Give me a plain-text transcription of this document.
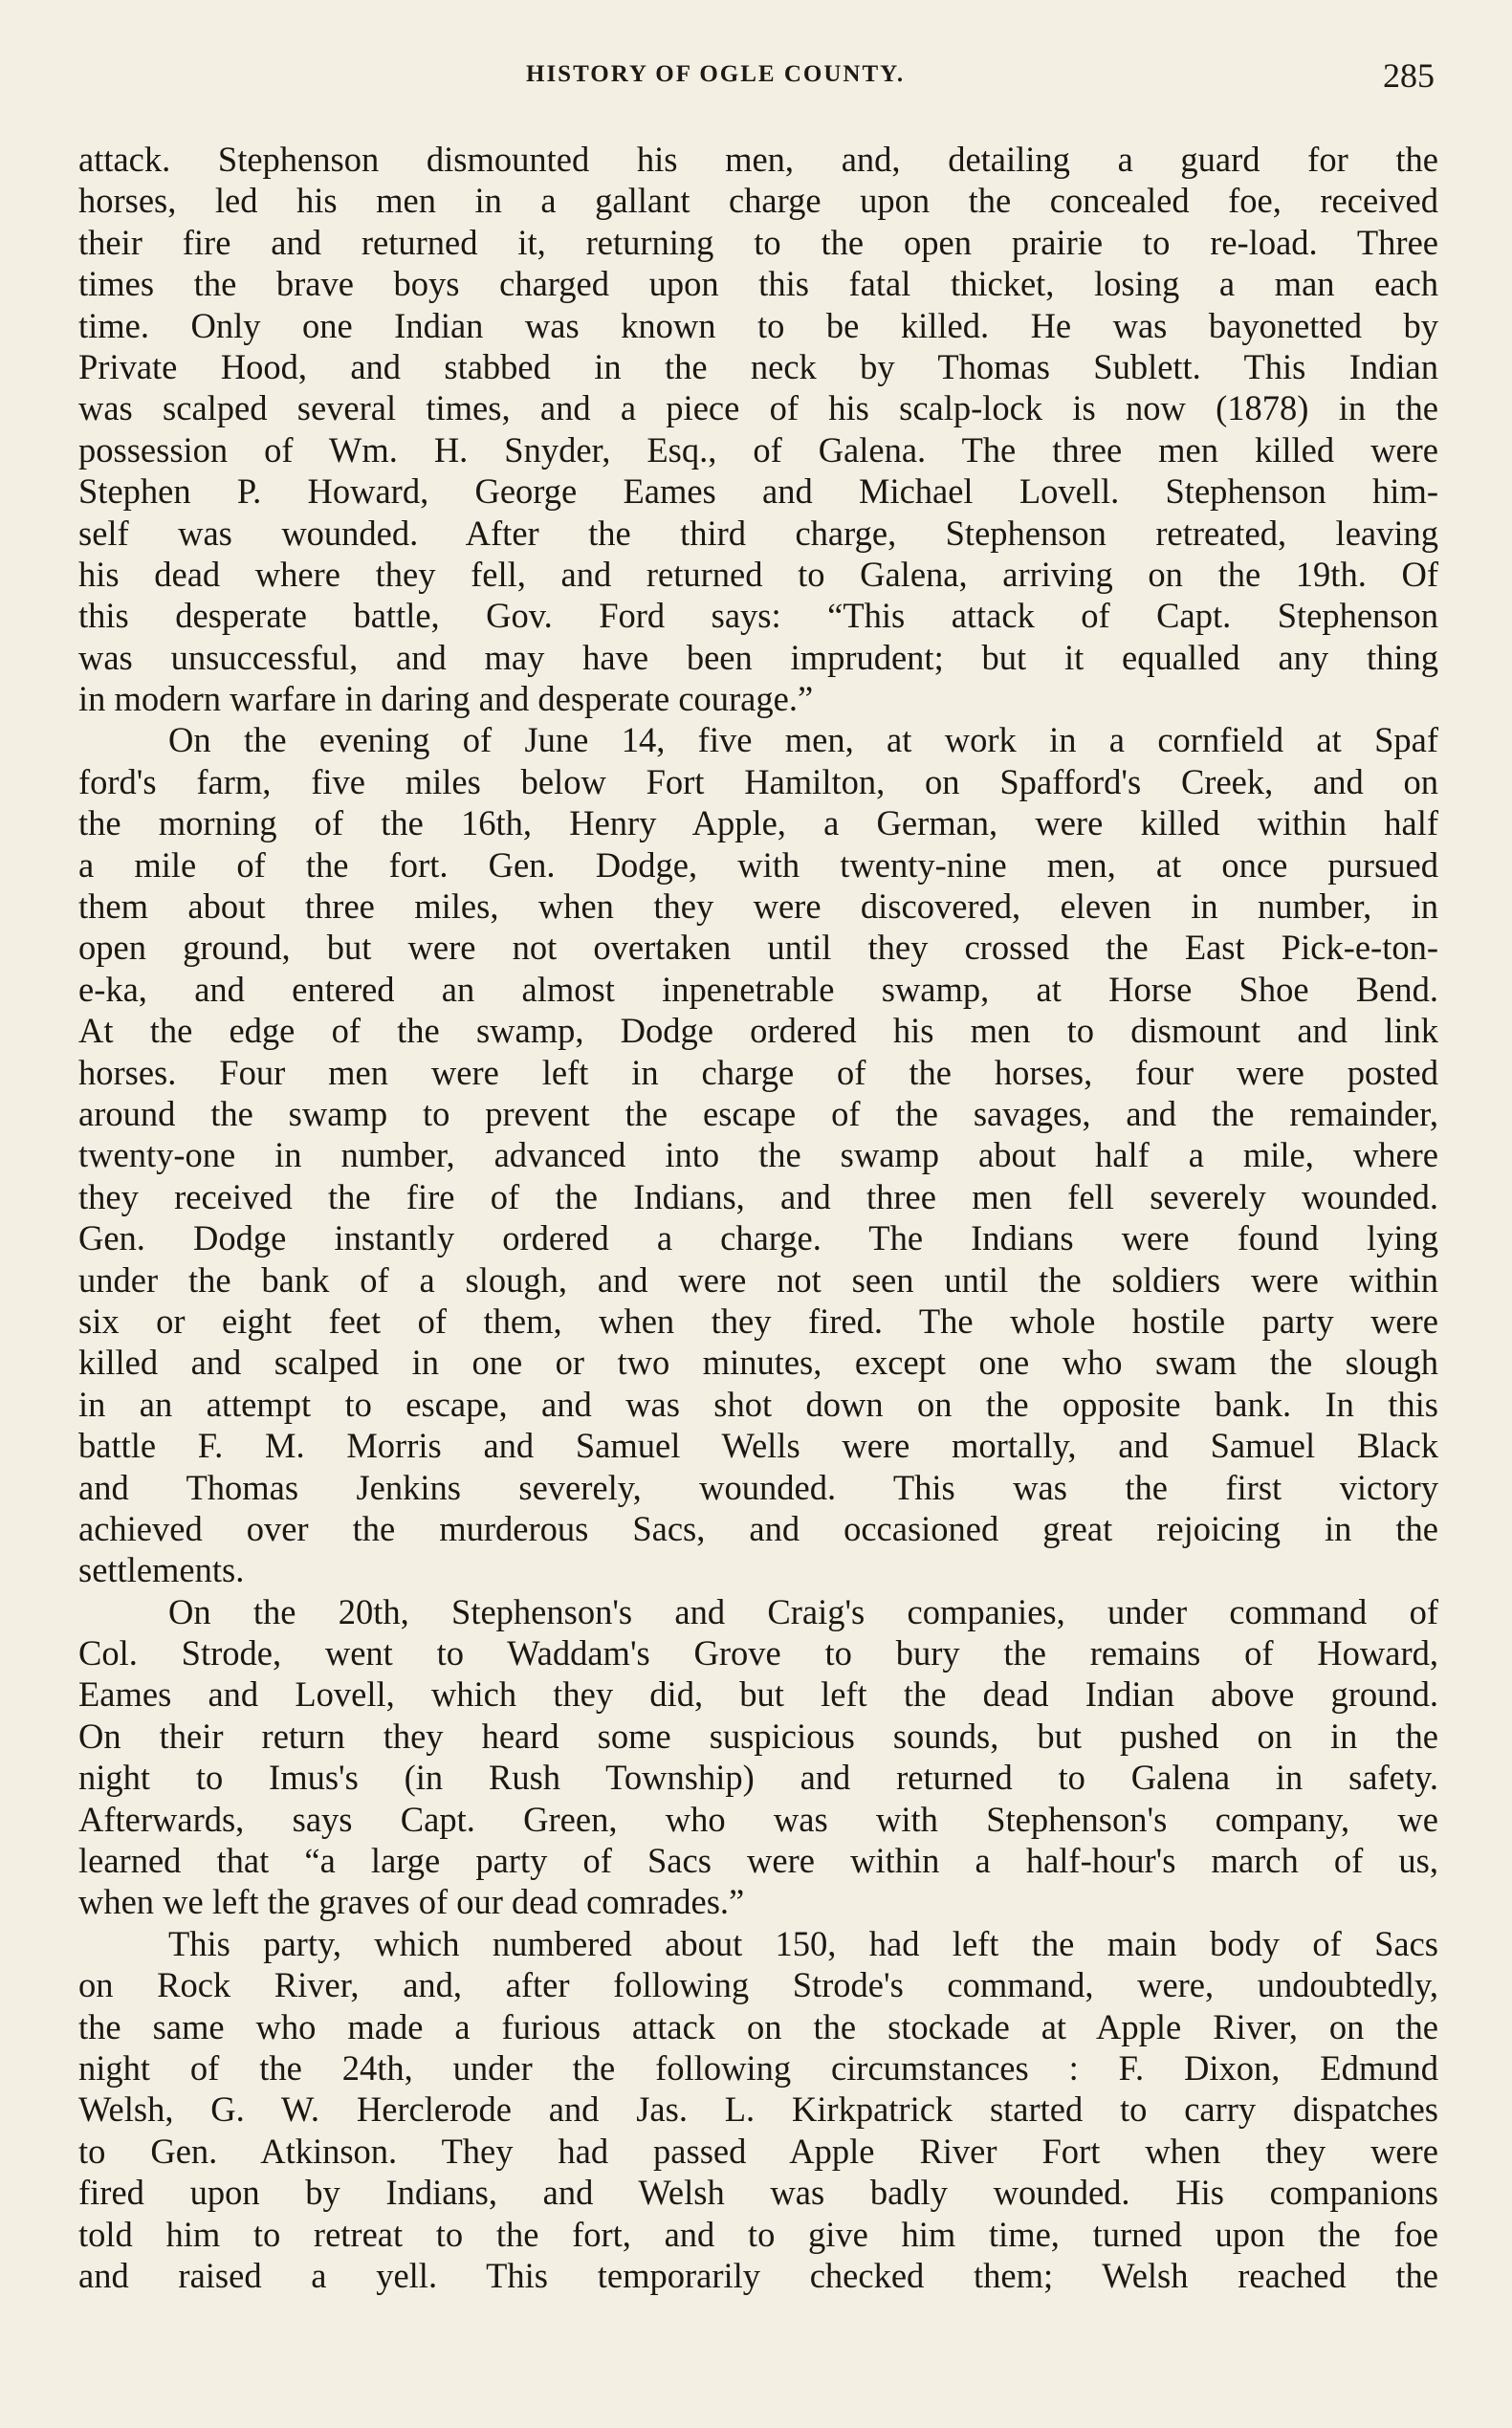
HISTORY OF OGLE COUNTY.	285
attack. Stephenson dismounted his men, and, detailing a guard for the
horses, led his men in a gallant charge upon the concealed foe, received
their fire and returned it, returning to the open prairie to re-load. Three
times the brave boys charged upon this fatal thicket, losing a man each
time. Only one Indian was known to be killed. He was bayonetted by
Private Hood, and stabbed in the neck by Thomas Sublett. This Indian
was scalped several times, and a piece of his scalp-lock is now (1878) in the
possession of Wm. H. Snyder, Esq., of Galena. The three men killed were
Stephen P. Howard, George Eames and Michael Lovell. Stephenson him-
self was wounded. After the third charge, Stephenson retreated, leaving
his dead where they fell, and returned to Galena, arriving on the 19th. Of
this desperate battle, Gov. Ford says: “This attack of Capt. Stephenson
was unsuccessful, and may have been imprudent; but it equalled any thing
in modern warfare in daring and desperate courage.”
On the evening of June 14, five men, at work in a cornfield at Spaf
ford's farm, five miles below Fort Hamilton, on Spafford's Creek, and on
the morning of the 16th, Henry Apple, a German, were killed within half
a mile of the fort. Gen. Dodge, with twenty-nine men, at once pursued
them about three miles, when they were discovered, eleven in number, in
open ground, but were not overtaken until they crossed the East Pick-e-ton-
e-ka, and entered an almost inpenetrable swamp, at Horse Shoe Bend.
At the edge of the swamp, Dodge ordered his men to dismount and link
horses. Four men were left in charge of the horses, four were posted
around the swamp to prevent the escape of the savages, and the remainder,
twenty-one in number, advanced into the swamp about half a mile, where
they received the fire of the Indians, and three men fell severely wounded.
Gen. Dodge instantly ordered a charge. The Indians were found lying
under the bank of a slough, and were not seen until the soldiers were within
six or eight feet of them, when they fired. The whole hostile party were
killed and scalped in one or two minutes, except one who swam the slough
in an attempt to escape, and was shot down on the opposite bank. In this
battle F. M. Morris and Samuel Wells were mortally, and Samuel Black
and Thomas Jenkins severely, wounded. This was the first victory
achieved over the murderous Sacs, and occasioned great rejoicing in the
settlements.
On the 20th, Stephenson's and Craig's companies, under command of
Col. Strode, went to Waddam's Grove to bury the remains of Howard,
Eames and Lovell, which they did, but left the dead Indian above ground.
On their return they heard some suspicious sounds, but pushed on in the
night to Imus's (in Rush Township) and returned to Galena in safety.
Afterwards, says Capt. Green, who was with Stephenson's company, we
learned that “a large party of Sacs were within a half-hour's march of us,
when we left the graves of our dead comrades.”
This party, which numbered about 150, had left the main body of Sacs
on Rock River, and, after following Strode's command, were, undoubtedly,
the same who made a furious attack on the stockade at Apple River, on the
night of the 24th, under the following circumstances : F. Dixon, Edmund
Welsh, G. W. Herclerode and Jas. L. Kirkpatrick started to carry dispatches
to Gen. Atkinson. They had passed Apple River Fort when they were
fired upon by Indians, and Welsh was badly wounded. His companions
told him to retreat to the fort, and to give him time, turned upon the foe
and raised a yell. This temporarily checked them; Welsh reached the
